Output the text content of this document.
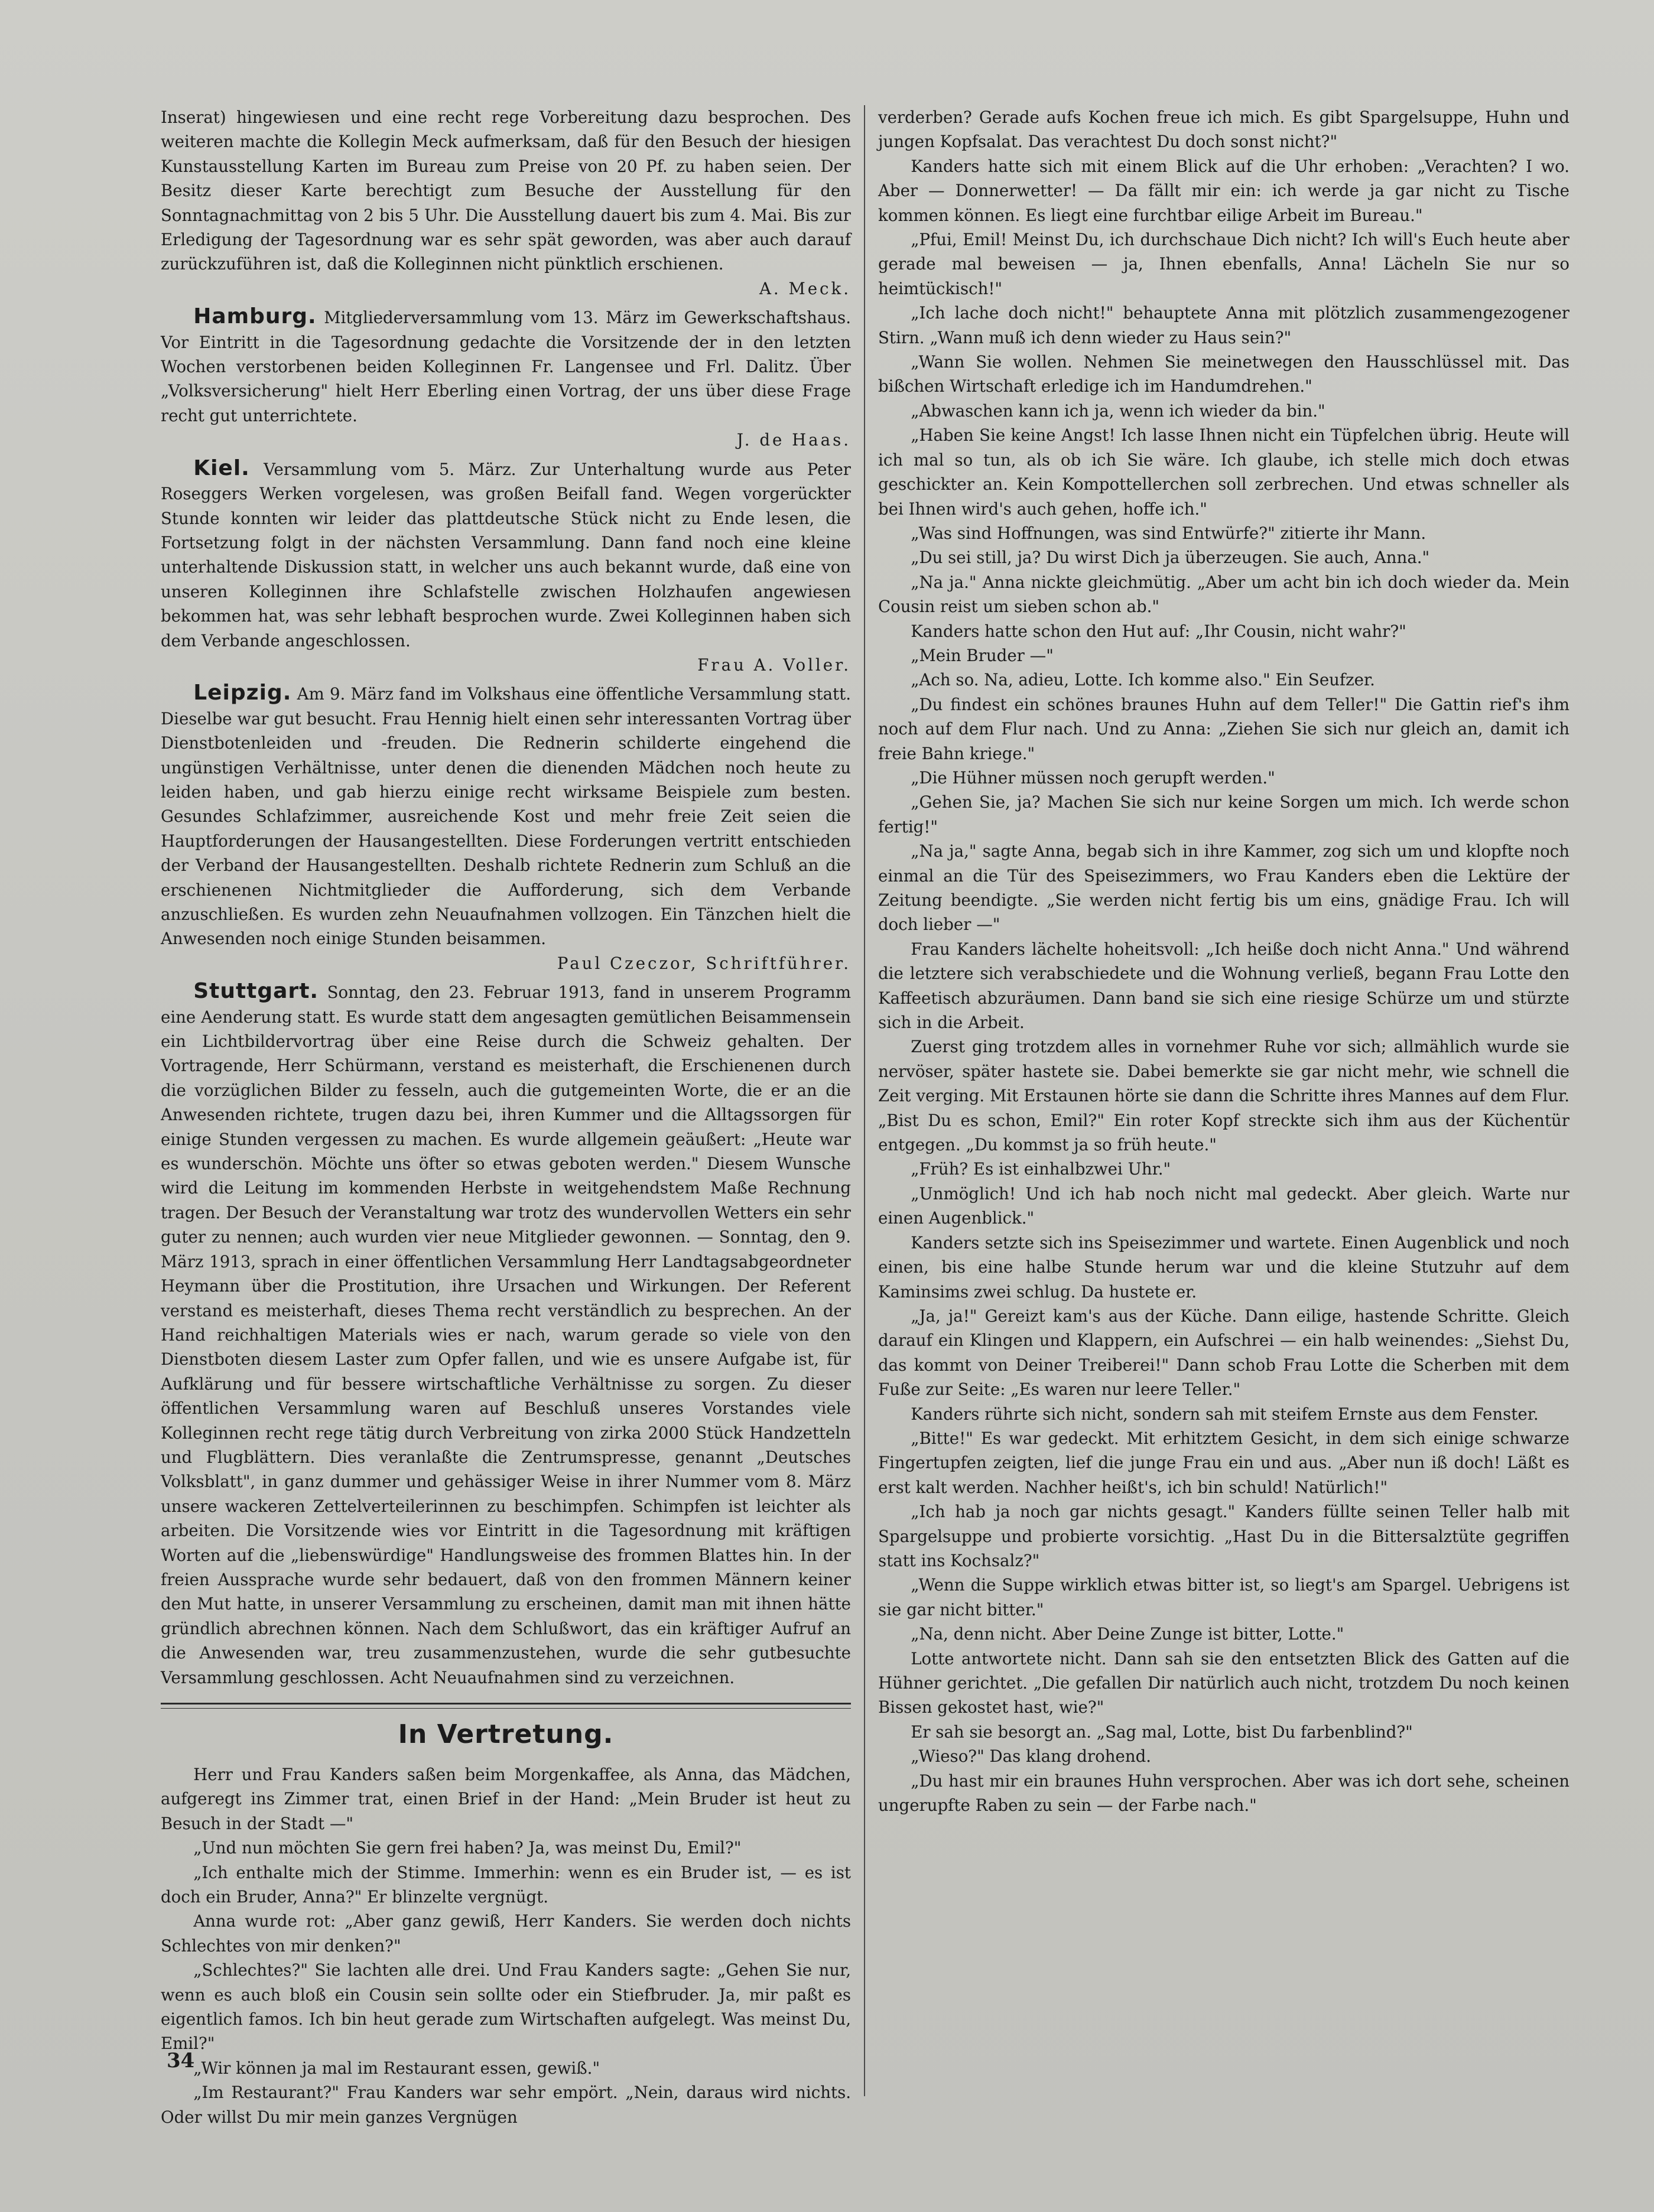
Inserat) hingewiesen und eine recht rege Vorbereitung dazu besprochen. Des weiteren machte die Kollegin Meck aufmerksam, daß für den Besuch der hiesigen Kunstausstellung Karten im Bureau zum Preise von 20 Pf. zu haben seien. Der Besitz dieser Karte berechtigt zum Besuche der Ausstellung für den Sonntagnachmittag von 2 bis 5 Uhr. Die Ausstellung dauert bis zum 4. Mai. Bis zur Erledigung der Tagesordnung war es sehr spät geworden, was aber auch darauf zurückzuführen ist, daß die Kolleginnen nicht pünktlich erschienen.

A. Meck.

Hamburg. Mitgliederversammlung vom 13. März im Gewerkschaftshaus. Vor Eintritt in die Tagesordnung gedachte die Vorsitzende der in den letzten Wochen verstorbenen beiden Kolleginnen Fr. Langensee und Frl. Dalitz. Über „Volksversicherung" hielt Herr Eberling einen Vortrag, der uns über diese Frage recht gut unterrichtete.

J. de Haas.

Kiel. Versammlung vom 5. März. Zur Unterhaltung wurde aus Peter Roseggers Werken vorgelesen, was großen Beifall fand. Wegen vorgerückter Stunde konnten wir leider das plattdeutsche Stück nicht zu Ende lesen, die Fortsetzung folgt in der nächsten Versammlung. Dann fand noch eine kleine unterhaltende Diskussion statt, in welcher uns auch bekannt wurde, daß eine von unseren Kolleginnen ihre Schlafstelle zwischen Holzhaufen angewiesen bekommen hat, was sehr lebhaft besprochen wurde. Zwei Kolleginnen haben sich dem Verbande angeschlossen.

Frau A. Voller.

Leipzig. Am 9. März fand im Volkshaus eine öffentliche Versammlung statt. Dieselbe war gut besucht. Frau Hennig hielt einen sehr interessanten Vortrag über Dienstbotenleiden und -freuden. Die Rednerin schilderte eingehend die ungünstigen Verhältnisse, unter denen die dienenden Mädchen noch heute zu leiden haben, und gab hierzu einige recht wirksame Beispiele zum besten. Gesundes Schlafzimmer, ausreichende Kost und mehr freie Zeit seien die Hauptforderungen der Hausangestellten. Diese Forderungen vertritt entschieden der Verband der Hausangestellten. Deshalb richtete Rednerin zum Schluß an die erschienenen Nichtmitglieder die Aufforderung, sich dem Verbande anzuschließen. Es wurden zehn Neuaufnahmen vollzogen. Ein Tänzchen hielt die Anwesenden noch einige Stunden beisammen.

Paul Czeczor, Schriftführer.

Stuttgart. Sonntag, den 23. Februar 1913, fand in unserem Programm eine Aenderung statt. Es wurde statt dem angesagten gemütlichen Beisammensein ein Lichtbildervortrag über eine Reise durch die Schweiz gehalten. Der Vortragende, Herr Schürmann, verstand es meisterhaft, die Erschienenen durch die vorzüglichen Bilder zu fesseln, auch die gutgemeinten Worte, die er an die Anwesenden richtete, trugen dazu bei, ihren Kummer und die Alltagssorgen für einige Stunden vergessen zu machen. Es wurde allgemein geäußert: „Heute war es wunderschön. Möchte uns öfter so etwas geboten werden." Diesem Wunsche wird die Leitung im kommenden Herbste in weitgehendstem Maße Rechnung tragen. Der Besuch der Veranstaltung war trotz des wundervollen Wetters ein sehr guter zu nennen; auch wurden vier neue Mitglieder gewonnen. — Sonntag, den 9. März 1913, sprach in einer öffentlichen Versammlung Herr Landtagsabgeordneter Heymann über die Prostitution, ihre Ursachen und Wirkungen. Der Referent verstand es meisterhaft, dieses Thema recht verständlich zu besprechen. An der Hand reichhaltigen Materials wies er nach, warum gerade so viele von den Dienstboten diesem Laster zum Opfer fallen, und wie es unsere Aufgabe ist, für Aufklärung und für bessere wirtschaftliche Verhältnisse zu sorgen. Zu dieser öffentlichen Versammlung waren auf Beschluß unseres Vorstandes viele Kolleginnen recht rege tätig durch Verbreitung von zirka 2000 Stück Handzetteln und Flugblättern. Dies veranlaßte die Zentrumspresse, genannt „Deutsches Volksblatt", in ganz dummer und gehässiger Weise in ihrer Nummer vom 8. März unsere wackeren Zettelverteilerinnen zu beschimpfen. Schimpfen ist leichter als arbeiten. Die Vorsitzende wies vor Eintritt in die Tagesordnung mit kräftigen Worten auf die „liebenswürdige" Handlungsweise des frommen Blattes hin. In der freien Aussprache wurde sehr bedauert, daß von den frommen Männern keiner den Mut hatte, in unserer Versammlung zu erscheinen, damit man mit ihnen hätte gründlich abrechnen können. Nach dem Schlußwort, das ein kräftiger Aufruf an die Anwesenden war, treu zusammenzustehen, wurde die sehr gutbesuchte Versammlung geschlossen. Acht Neuaufnahmen sind zu verzeichnen.

In Vertretung.

Herr und Frau Kanders saßen beim Morgenkaffee, als Anna, das Mädchen, aufgeregt ins Zimmer trat, einen Brief in der Hand: „Mein Bruder ist heut zu Besuch in der Stadt —"

„Und nun möchten Sie gern frei haben? Ja, was meinst Du, Emil?"

„Ich enthalte mich der Stimme. Immerhin: wenn es ein Bruder ist, — es ist doch ein Bruder, Anna?" Er blinzelte vergnügt.

Anna wurde rot: „Aber ganz gewiß, Herr Kanders. Sie werden doch nichts Schlechtes von mir denken?"

„Schlechtes?" Sie lachten alle drei. Und Frau Kanders sagte: „Gehen Sie nur, wenn es auch bloß ein Cousin sein sollte oder ein Stiefbruder. Ja, mir paßt es eigentlich famos. Ich bin heut gerade zum Wirtschaften aufgelegt. Was meinst Du, Emil?"

„Wir können ja mal im Restaurant essen, gewiß."

„Im Restaurant?" Frau Kanders war sehr empört. „Nein, daraus wird nichts. Oder willst Du mir mein ganzes Vergnügen

verderben? Gerade aufs Kochen freue ich mich. Es gibt Spargelsuppe, Huhn und jungen Kopfsalat. Das verachtest Du doch sonst nicht?"

Kanders hatte sich mit einem Blick auf die Uhr erhoben: „Verachten? I wo. Aber — Donnerwetter! — Da fällt mir ein: ich werde ja gar nicht zu Tische kommen können. Es liegt eine furchtbar eilige Arbeit im Bureau."

„Pfui, Emil! Meinst Du, ich durchschaue Dich nicht? Ich will's Euch heute aber gerade mal beweisen — ja, Ihnen ebenfalls, Anna! Lächeln Sie nur so heimtückisch!"

„Ich lache doch nicht!" behauptete Anna mit plötzlich zusammengezogener Stirn. „Wann muß ich denn wieder zu Haus sein?"

„Wann Sie wollen. Nehmen Sie meinetwegen den Hausschlüssel mit. Das bißchen Wirtschaft erledige ich im Handumdrehen."

„Abwaschen kann ich ja, wenn ich wieder da bin."

„Haben Sie keine Angst! Ich lasse Ihnen nicht ein Tüpfelchen übrig. Heute will ich mal so tun, als ob ich Sie wäre. Ich glaube, ich stelle mich doch etwas geschickter an. Kein Kompottellerchen soll zerbrechen. Und etwas schneller als bei Ihnen wird's auch gehen, hoffe ich."

„Was sind Hoffnungen, was sind Entwürfe?" zitierte ihr Mann.

„Du sei still, ja? Du wirst Dich ja überzeugen. Sie auch, Anna."

„Na ja." Anna nickte gleichmütig. „Aber um acht bin ich doch wieder da. Mein Cousin reist um sieben schon ab."

Kanders hatte schon den Hut auf: „Ihr Cousin, nicht wahr?"

„Mein Bruder —"

„Ach so. Na, adieu, Lotte. Ich komme also." Ein Seufzer.

„Du findest ein schönes braunes Huhn auf dem Teller!" Die Gattin rief's ihm noch auf dem Flur nach. Und zu Anna: „Ziehen Sie sich nur gleich an, damit ich freie Bahn kriege."

„Die Hühner müssen noch gerupft werden."

„Gehen Sie, ja? Machen Sie sich nur keine Sorgen um mich. Ich werde schon fertig!"

„Na ja," sagte Anna, begab sich in ihre Kammer, zog sich um und klopfte noch einmal an die Tür des Speisezimmers, wo Frau Kanders eben die Lektüre der Zeitung beendigte. „Sie werden nicht fertig bis um eins, gnädige Frau. Ich will doch lieber —"

Frau Kanders lächelte hoheitsvoll: „Ich heiße doch nicht Anna." Und während die letztere sich verabschiedete und die Wohnung verließ, begann Frau Lotte den Kaffeetisch abzuräumen. Dann band sie sich eine riesige Schürze um und stürzte sich in die Arbeit.

Zuerst ging trotzdem alles in vornehmer Ruhe vor sich; allmählich wurde sie nervöser, später hastete sie. Dabei bemerkte sie gar nicht mehr, wie schnell die Zeit verging. Mit Erstaunen hörte sie dann die Schritte ihres Mannes auf dem Flur. „Bist Du es schon, Emil?" Ein roter Kopf streckte sich ihm aus der Küchentür entgegen. „Du kommst ja so früh heute."

„Früh? Es ist einhalbzwei Uhr."

„Unmöglich! Und ich hab noch nicht mal gedeckt. Aber gleich. Warte nur einen Augenblick."

Kanders setzte sich ins Speisezimmer und wartete. Einen Augenblick und noch einen, bis eine halbe Stunde herum war und die kleine Stutzuhr auf dem Kaminsims zwei schlug. Da hustete er.

„Ja, ja!" Gereizt kam's aus der Küche. Dann eilige, hastende Schritte. Gleich darauf ein Klingen und Klappern, ein Aufschrei — ein halb weinendes: „Siehst Du, das kommt von Deiner Treiberei!" Dann schob Frau Lotte die Scherben mit dem Fuße zur Seite: „Es waren nur leere Teller."

Kanders rührte sich nicht, sondern sah mit steifem Ernste aus dem Fenster.

„Bitte!" Es war gedeckt. Mit erhitztem Gesicht, in dem sich einige schwarze Fingertupfen zeigten, lief die junge Frau ein und aus. „Aber nun iß doch! Läßt es erst kalt werden. Nachher heißt's, ich bin schuld! Natürlich!"

„Ich hab ja noch gar nichts gesagt." Kanders füllte seinen Teller halb mit Spargelsuppe und probierte vorsichtig. „Hast Du in die Bittersalztüte gegriffen statt ins Kochsalz?"

„Wenn die Suppe wirklich etwas bitter ist, so liegt's am Spargel. Uebrigens ist sie gar nicht bitter."

„Na, denn nicht. Aber Deine Zunge ist bitter, Lotte."

Lotte antwortete nicht. Dann sah sie den entsetzten Blick des Gatten auf die Hühner gerichtet. „Die gefallen Dir natürlich auch nicht, trotzdem Du noch keinen Bissen gekostet hast, wie?"

Er sah sie besorgt an. „Sag mal, Lotte, bist Du farbenblind?"

„Wieso?" Das klang drohend.

„Du hast mir ein braunes Huhn versprochen. Aber was ich dort sehe, scheinen ungerupfte Raben zu sein — der Farbe nach."

34
